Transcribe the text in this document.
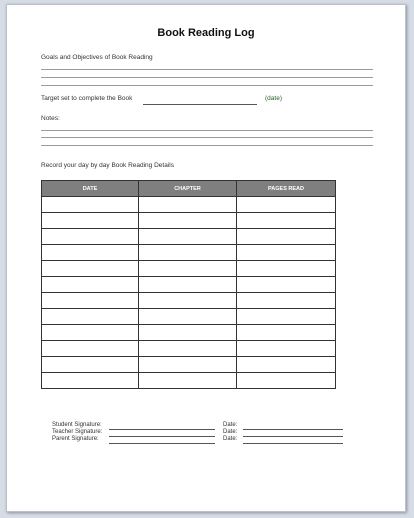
Book Reading Log
Goals and Objectives of Book Reading
Target set to complete the Book	(date)
Notes:
Record your day by day Book Reading Details
DATE	CHAPTER	PAGES READ

Student Signature:	Date:
Teacher Signature:	Date:
Parent Signature:	Date:
